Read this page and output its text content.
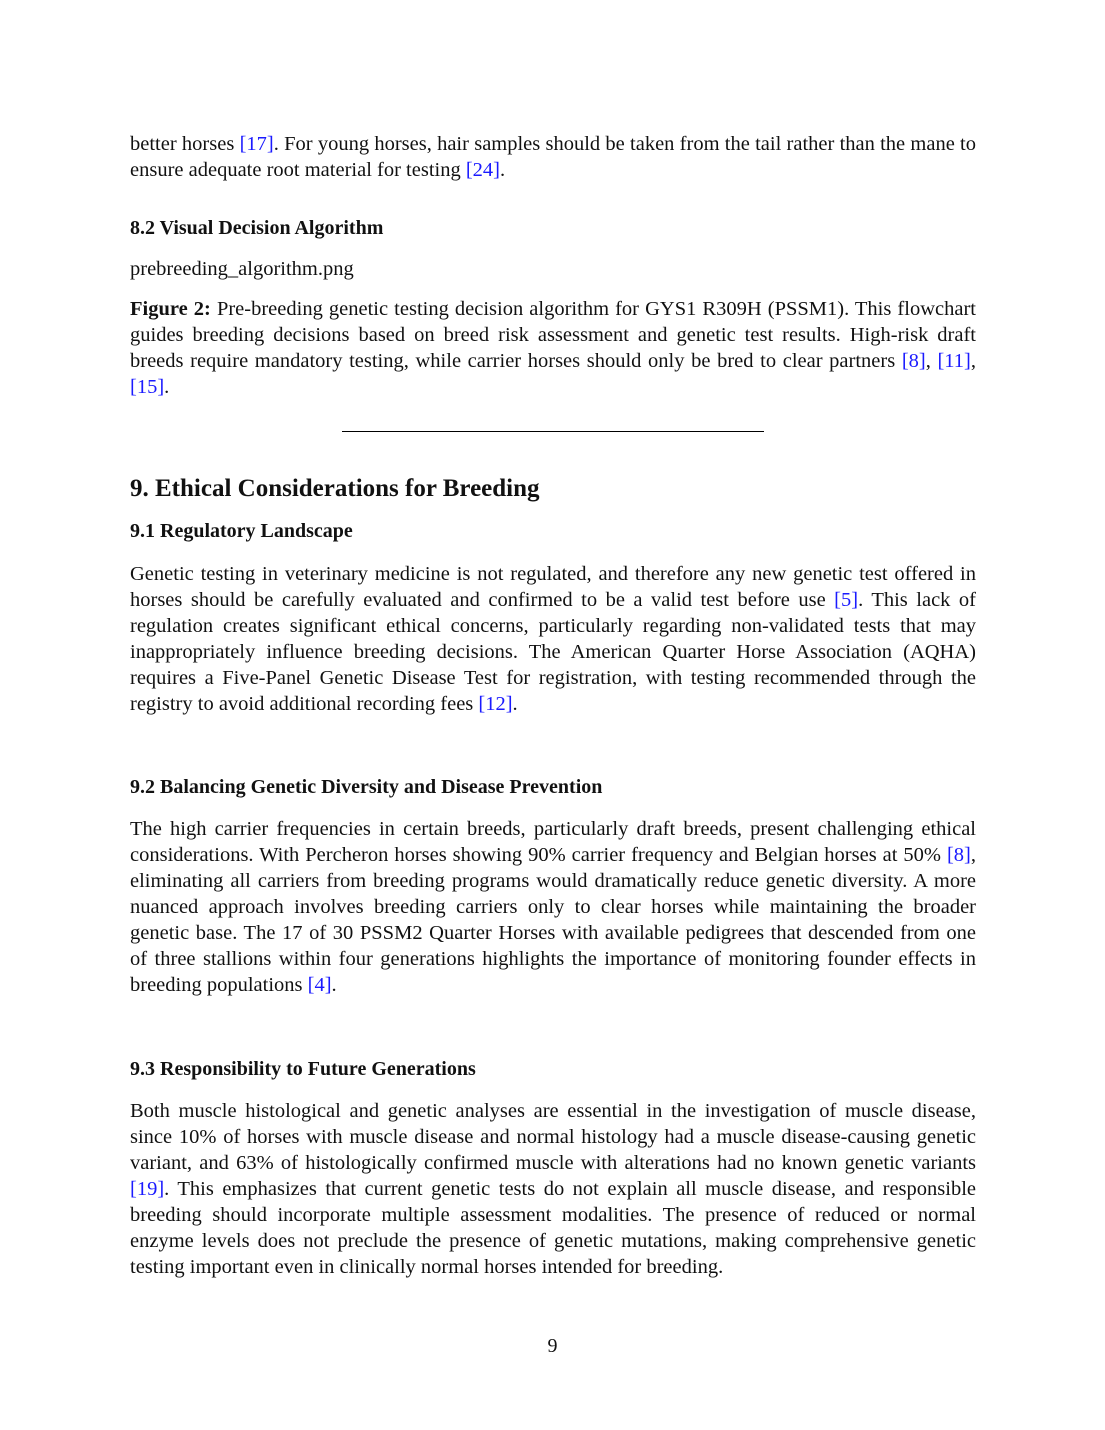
better horses [17]. For young horses, hair samples should be taken from the tail rather than the mane to ensure adequate root material for testing [24].

8.2 Visual Decision Algorithm

prebreeding_algorithm.png

Figure 2: Pre-breeding genetic testing decision algorithm for GYS1 R309H (PSSM1). This flowchart guides breeding decisions based on breed risk assessment and genetic test results. High-risk draft breeds require mandatory testing, while carrier horses should only be bred to clear partners [8], [11], [15].

9. Ethical Considerations for Breeding
9.1 Regulatory Landscape

Genetic testing in veterinary medicine is not regulated, and therefore any new genetic test offered in horses should be carefully evaluated and confirmed to be a valid test before use [5]. This lack of regulation creates significant ethical concerns, particularly regarding non-validated tests that may inappropriately influence breeding decisions. The American Quarter Horse Association (AQHA) requires a Five-Panel Genetic Disease Test for registration, with testing recommended through the registry to avoid additional recording fees [12].

9.2 Balancing Genetic Diversity and Disease Prevention

The high carrier frequencies in certain breeds, particularly draft breeds, present challenging ethical considerations. With Percheron horses showing 90% carrier frequency and Belgian horses at 50% [8], eliminating all carriers from breeding programs would dramatically reduce genetic diversity. A more nuanced approach involves breeding carriers only to clear horses while maintaining the broader genetic base. The 17 of 30 PSSM2 Quarter Horses with available pedigrees that descended from one of three stallions within four generations highlights the importance of monitoring founder effects in breeding populations [4].

9.3 Responsibility to Future Generations

Both muscle histological and genetic analyses are essential in the investigation of muscle disease, since 10% of horses with muscle disease and normal histology had a muscle disease-causing genetic variant, and 63% of histologically confirmed muscle with alterations had no known genetic variants [19]. This emphasizes that current genetic tests do not explain all muscle disease, and responsible breeding should incorporate multiple assessment modalities. The presence of reduced or normal enzyme levels does not preclude the presence of genetic mutations, making comprehensive genetic testing important even in clinically normal horses intended for breeding.

9
